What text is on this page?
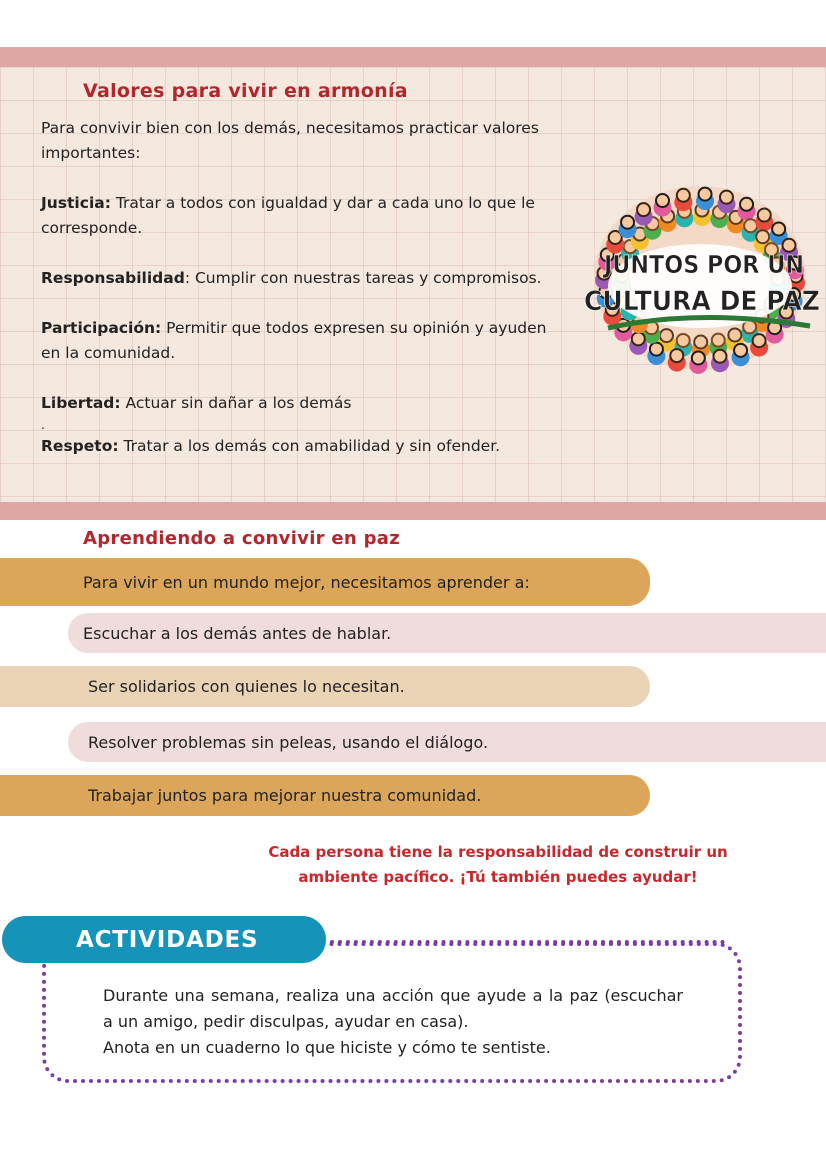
Valores para vivir en armonía

Para convivir bien con los demás, necesitamos practicar valores importantes:

Justicia: Tratar a todos con igualdad y dar a cada uno lo que le corresponde.

Responsabilidad: Cumplir con nuestras tareas y compromisos.

Participación: Permitir que todos expresen su opinión y ayuden en la comunidad.

Libertad: Actuar sin dañar a los demás

.

Respeto: Tratar a los demás con amabilidad y sin ofender.

JUNTOS POR UN
CULTURA DE PAZ
Aprendiendo a convivir en paz
Para vivir en un mundo mejor, necesitamos aprender a:
Escuchar a los demás antes de hablar.
Ser solidarios con quienes lo necesitan.
Resolver problemas sin peleas, usando el diálogo.
Trabajar juntos para mejorar nuestra comunidad.
Cada persona tiene la responsabilidad de construir un ambiente pacífico. ¡Tú también puedes ayudar!
ACTIVIDADES

Durante una semana, realiza una acción que ayude a la paz (escuchar a un amigo, pedir disculpas, ayudar en casa).

Anota en un cuaderno lo que hiciste y cómo te sentiste.
